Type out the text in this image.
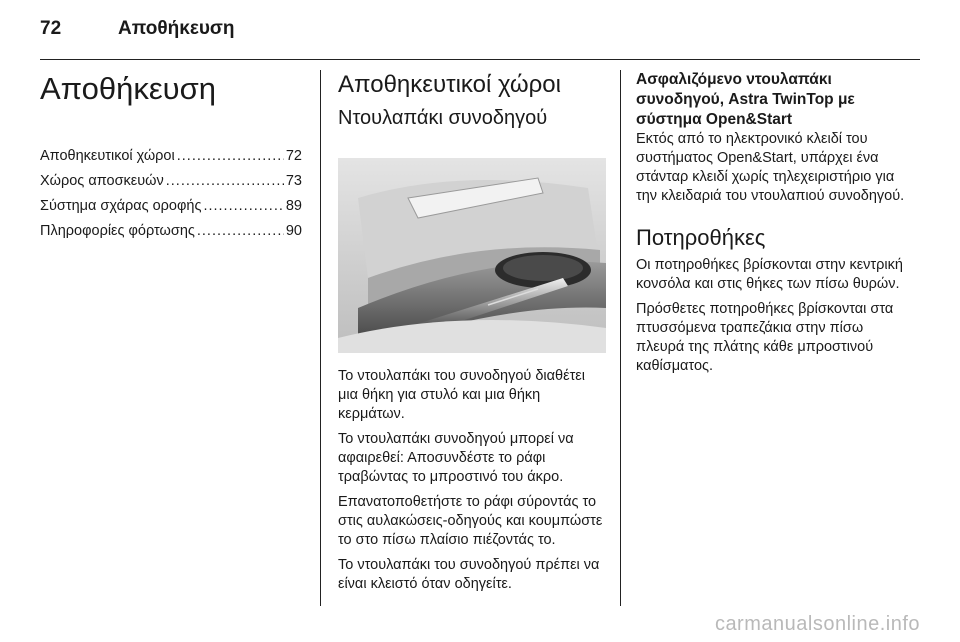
72	Αποθήκευση
Αποθήκευση
Αποθηκευτικοί χώροι .....	72
Χώρος αποσκευών .....	73
Σύστημα σχάρας οροφής .....	89
Πληροφορίες φόρτωσης .....	90
Αποθηκευτικοί χώροι
Ντουλαπάκι συνοδηγού

Το ντουλαπάκι του συνοδηγού διαθέτει μια θήκη για στυλό και μια θήκη κερμάτων.

Το ντουλαπάκι συνοδηγού μπορεί να αφαιρεθεί: Αποσυνδέστε το ράφι τραβώντας το μπροστινό του άκρο.

Επανατοποθετήστε το ράφι σύροντάς το στις αυλακώσεις-οδηγούς και κουμπώστε το στο πίσω πλαίσιο πιέζοντάς το.

Το ντουλαπάκι του συνοδηγού πρέπει να είναι κλειστό όταν οδηγείτε.

Ασφαλιζόμενο ντουλαπάκι συνοδηγού, Astra TwinTop με σύστημα Open&Start

Εκτός από το ηλεκτρονικό κλειδί του συστήματος Open&Start, υπάρχει ένα στάνταρ κλειδί χωρίς τηλεχειριστήριο για την κλειδαριά του ντουλαπιού συνοδηγού.

Ποτηροθήκες

Οι ποτηροθήκες βρίσκονται στην κεντρική κονσόλα και στις θήκες των πίσω θυρών.

Πρόσθετες ποτηροθήκες βρίσκονται στα πτυσσόμενα τραπεζάκια στην πίσω πλευρά της πλάτης κάθε μπροστινού καθίσματος.

carmanualsonline.info
